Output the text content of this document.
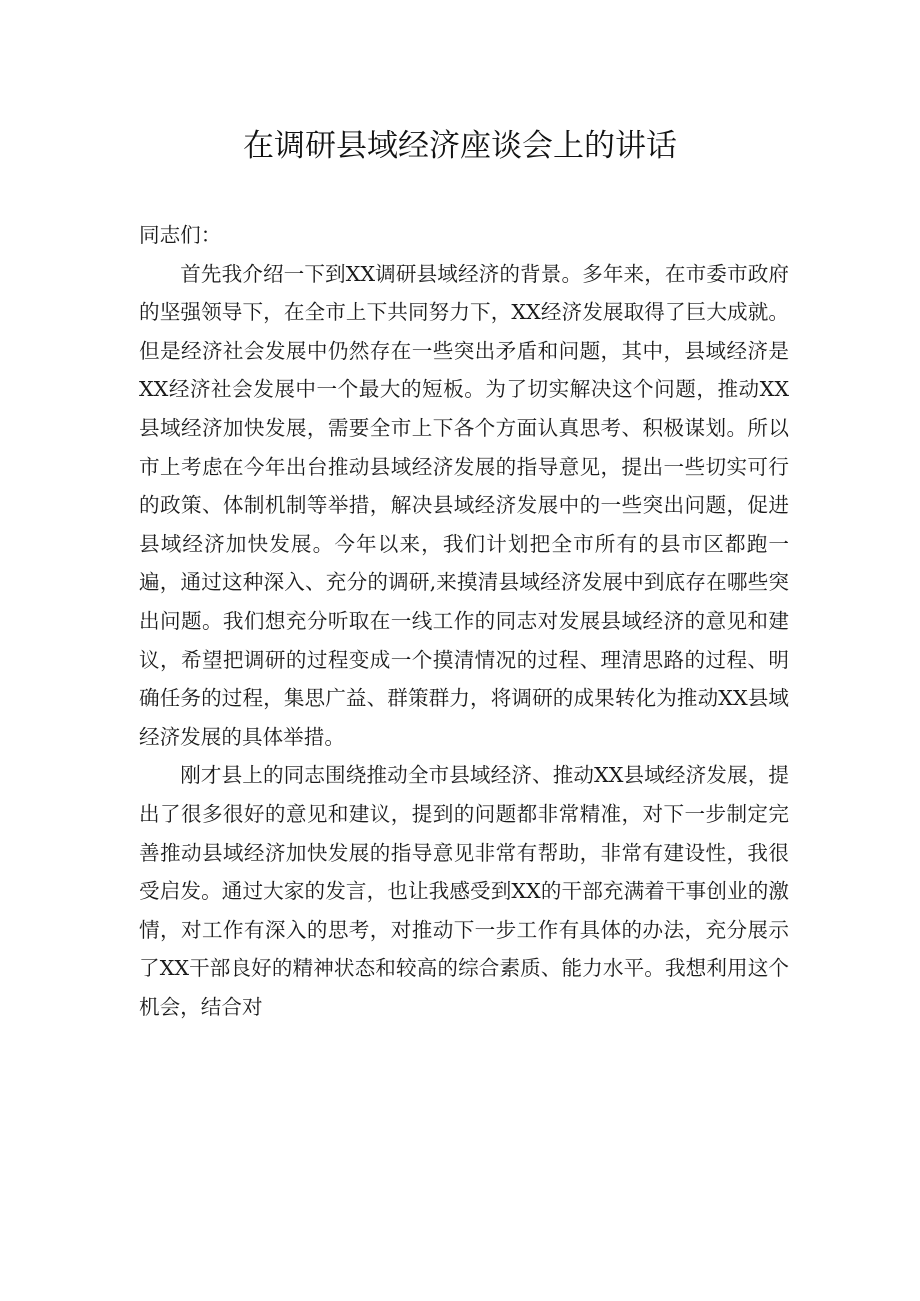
在调研县域经济座谈会上的讲话

同志们：

首先我介绍一下到XX调研县域经济的背景。多年来，在市委市政府的坚强领导下，在全市上下共同努力下，XX经济发展取得了巨大成就。但是经济社会发展中仍然存在一些突出矛盾和问题，其中，县域经济是XX经济社会发展中一个最大的短板。为了切实解决这个问题，推动XX县域经济加快发展，需要全市上下各个方面认真思考、积极谋划。所以市上考虑在今年出台推动县域经济发展的指导意见，提出一些切实可行的政策、体制机制等举措，解决县域经济发展中的一些突出问题，促进县域经济加快发展。今年以来，我们计划把全市所有的县市区都跑一遍，通过这种深入、充分的调研,来摸清县域经济发展中到底存在哪些突出问题。我们想充分听取在一线工作的同志对发展县域经济的意见和建议，希望把调研的过程变成一个摸清情况的过程、理清思路的过程、明确任务的过程，集思广益、群策群力，将调研的成果转化为推动XX县域经济发展的具体举措。

刚才县上的同志围绕推动全市县域经济、推动XX县域经济发展，提出了很多很好的意见和建议，提到的问题都非常精准，对下一步制定完善推动县域经济加快发展的指导意见非常有帮助，非常有建设性，我很受启发。通过大家的发言，也让我感受到XX的干部充满着干事创业的激情，对工作有深入的思考，对推动下一步工作有具体的办法，充分展示了XX干部良好的精神状态和较高的综合素质、能力水平。我想利用这个机会，结合对
